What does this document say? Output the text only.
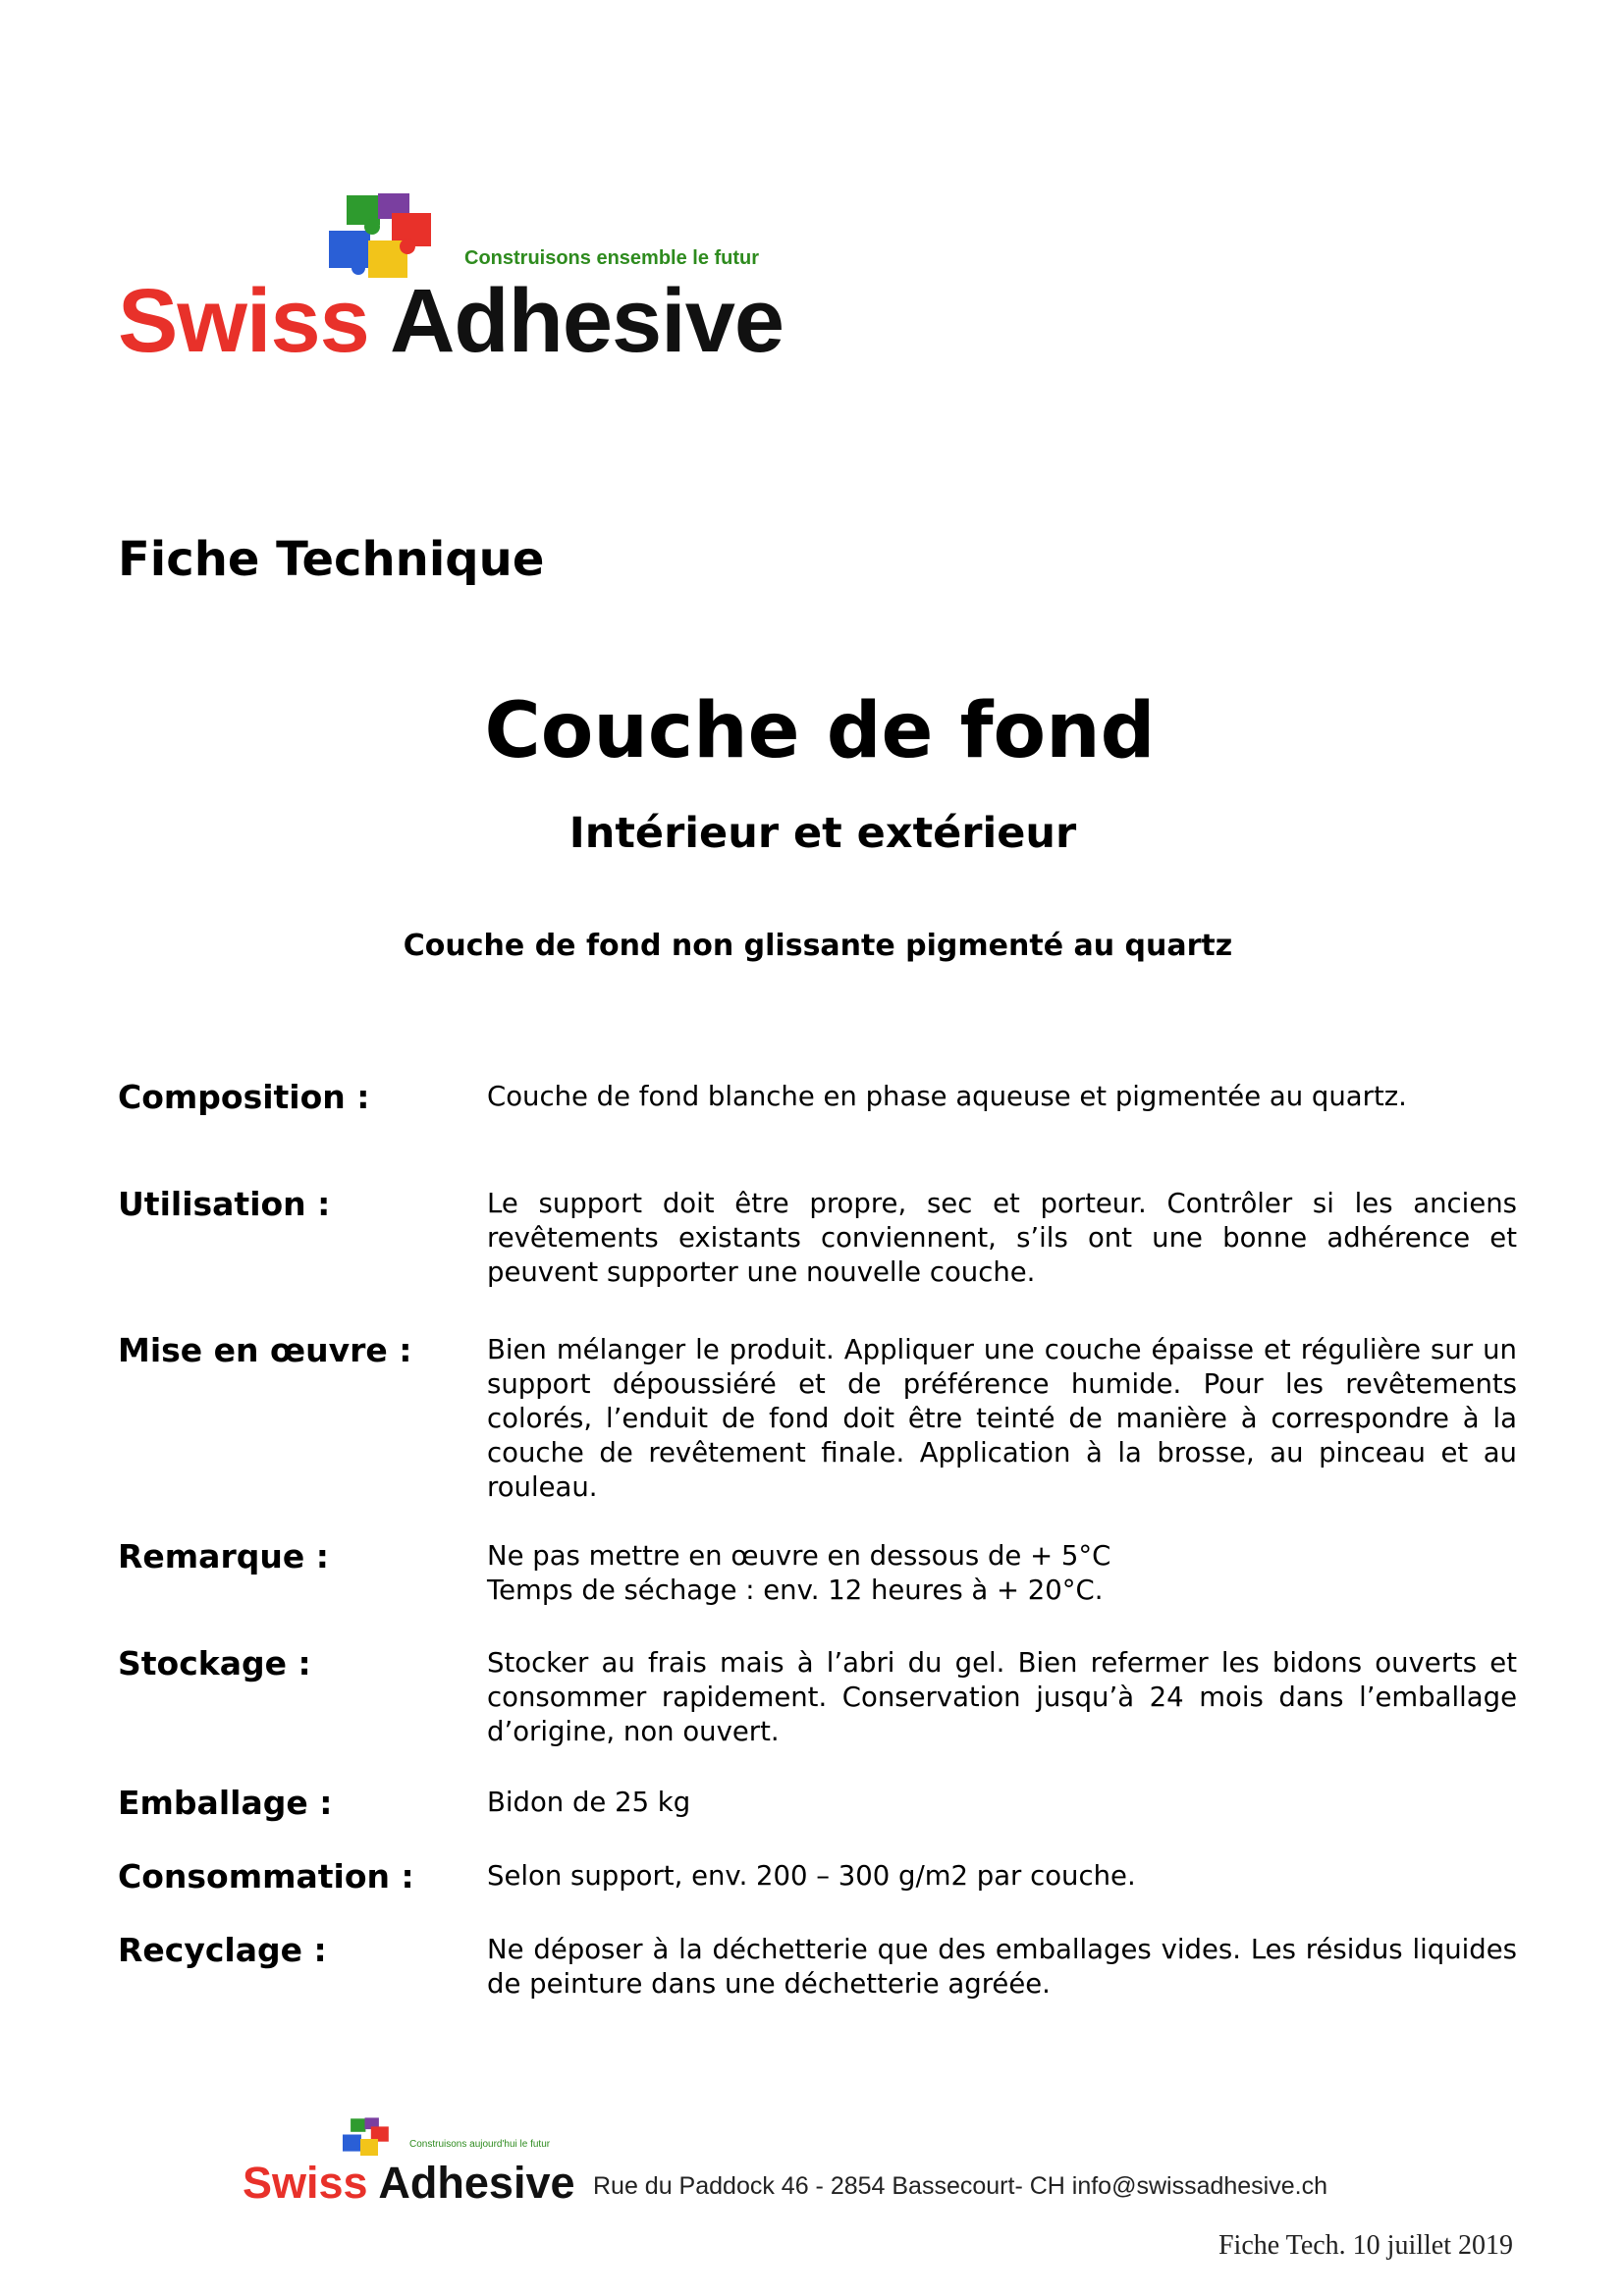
Construisons ensemble le futur
Swiss Adhesive
Fiche Technique
Couche de fond
Intérieur et extérieur
Couche de fond non glissante pigmenté au quartz
Composition :	Couche de fond blanche en phase aqueuse et pigmentée au quartz.
Utilisation :	Le support doit être propre, sec et porteur. Contrôler si les anciens revêtements existants conviennent, s’ils ont une bonne adhérence et peuvent supporter une nouvelle couche.
Mise en œuvre :	Bien mélanger le produit. Appliquer une couche épaisse et régulière sur un support dépoussiéré et de préférence humide. Pour les revêtements colorés, l’enduit de fond doit être teinté de manière à correspondre à la couche de revêtement finale. Application à la brosse, au pinceau et au rouleau.
Remarque :	Ne pas mettre en œuvre en dessous de + 5°C
Temps de séchage : env. 12 heures à + 20°C.
Stockage :	Stocker au frais mais à l’abri du gel. Bien refermer les bidons ouverts et consommer rapidement. Conservation jusqu’à 24 mois dans l’emballage d’origine, non ouvert.
Emballage :	Bidon de 25 kg
Consommation :	Selon support, env. 200 – 300 g/m2 par couche.
Recyclage :	Ne déposer à la déchetterie que des emballages vides. Les résidus liquides de peinture dans une déchetterie agréée.
Construisons aujourd'hui le futur
Swiss Adhesive Rue du Paddock 46 - 2854 Bassecourt- CH info@swissadhesive.ch
Fiche Tech. 10 juillet 2019
